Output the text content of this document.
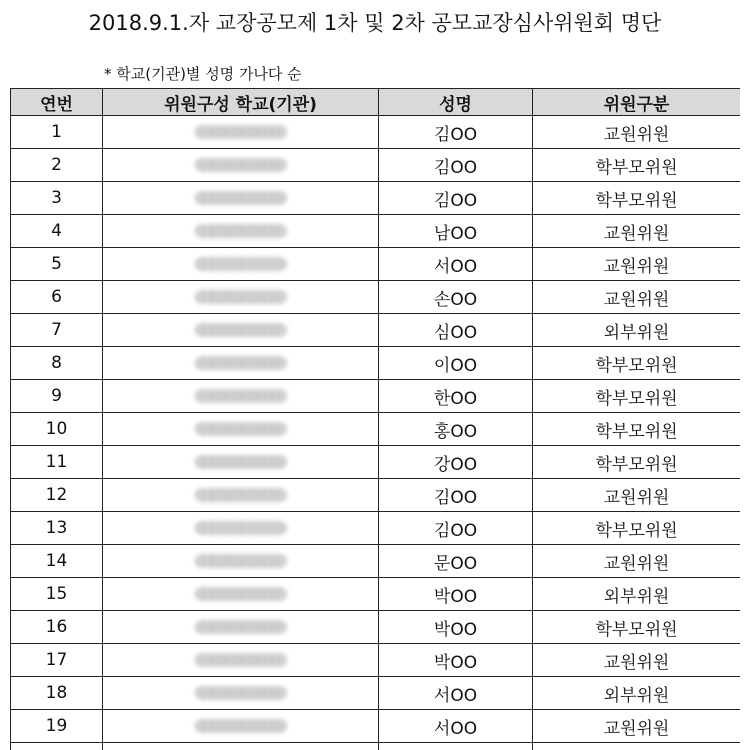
2018.9.1.자 교장공모제 1차 및 2차 공모교장심사위원회 명단
* 학교(기관)별 성명 가나다 순
연번	위원구성 학교(기관)	성명	위원구분
1		김OO	교원위원
2		김OO	학부모위원
3		김OO	학부모위원
4		남OO	교원위원
5		서OO	교원위원
6		손OO	교원위원
7		심OO	외부위원
8		이OO	학부모위원
9		한OO	학부모위원
10		홍OO	학부모위원
11		강OO	학부모위원
12		김OO	교원위원
13		김OO	학부모위원
14		문OO	교원위원
15		박OO	외부위원
16		박OO	학부모위원
17		박OO	교원위원
18		서OO	외부위원
19		서OO	교원위원
